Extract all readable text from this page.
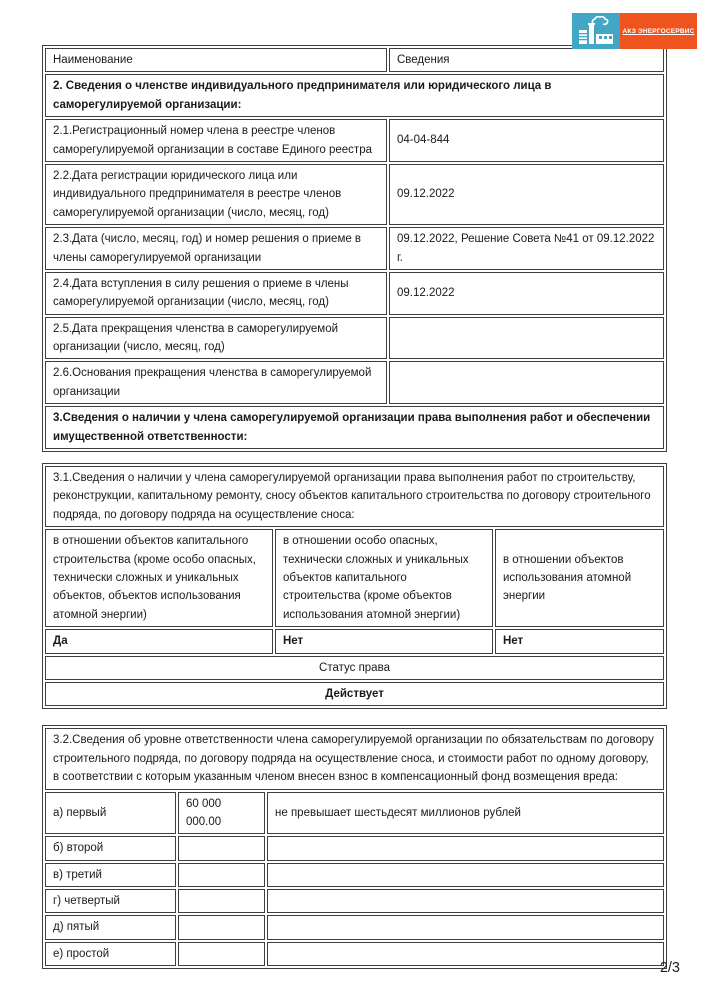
АКЗ ЭНЕРГОСЕРВИС
Наименование	Сведения
2. Сведения о членстве индивидуального предпринимателя или юридического лица в саморегулируемой организации:	
2.1.Регистрационный номер члена в реестре членов саморегулируемой организации в составе Единого реестра	04-04-844
2.2.Дата регистрации юридического лица или индивидуального предпринимателя в реестре членов саморегулируемой организации (число, месяц, год)	09.12.2022
2.3.Дата (число, месяц, год) и номер решения о приеме в члены саморегулируемой организации	09.12.2022, Решение Совета №41 от 09.12.2022 г.
2.4.Дата вступления в силу решения о приеме в члены саморегулируемой организации (число, месяц, год)	09.12.2022
2.5.Дата прекращения членства в саморегулируемой организации (число, месяц, год)	
2.6.Основания прекращения членства в саморегулируемой организации	
3.Сведения о наличии у члена саморегулируемой организации права выполнения работ и обеспечении имущественной ответственности:	
3.1.Сведения о наличии у члена саморегулируемой организации права выполнения работ по строительству, реконструкции, капитальному ремонту, сносу объектов капитального строительства по договору строительного подряда, по договору подряда на осуществление сноса:		
в отношении объектов капитального строительства (кроме особо опасных, технически сложных и уникальных объектов, объектов использования атомной энергии)	в отношении особо опасных, технически сложных и уникальных объектов капитального строительства (кроме объектов использования атомной энергии)	в отношении объектов использования атомной энергии
Да	Нет	Нет
Статус права		
Действует		
3.2.Сведения об уровне ответственности члена саморегулируемой организации по обязательствам по договору строительного подряда, по договору подряда на осуществление сноса, и стоимости работ по одному договору, в соответствии с которым указанным членом внесен взнос в компенсационный фонд возмещения вреда:		
а) первый	60 000 000.00	не превышает шестьдесят миллионов рублей
б) второй		
в) третий		
г) четвертый		
д) пятый		
е) простой		
2/3
